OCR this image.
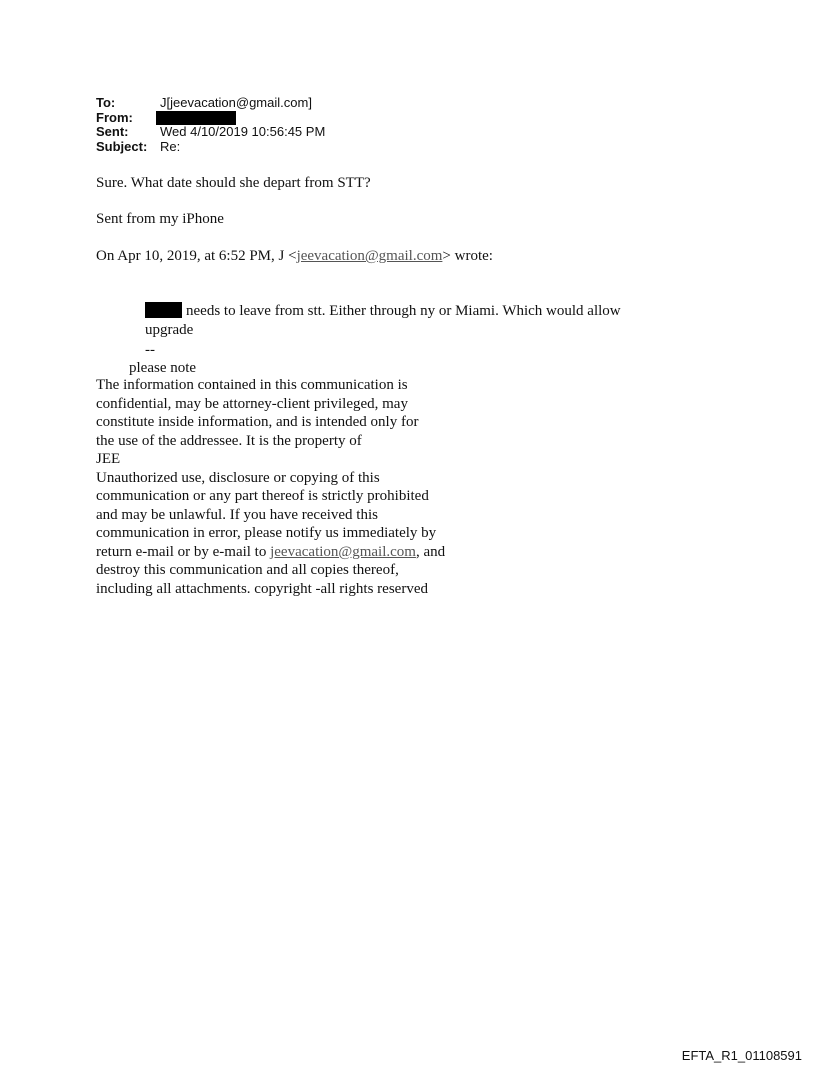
To:	J[jeevacation@gmail.com]
From:
Sent:	Wed 4/10/2019 10:56:45 PM
Subject: Re:
Sure. What date should she depart from STT?
Sent from my iPhone
On Apr 10, 2019, at 6:52 PM, J <jeevacation@gmail.com> wrote:
needs to leave from stt. Either through ny or Miami. Which would allow
upgrade
--
please note
The information contained in this communication is
confidential, may be attorney-client privileged, may
constitute inside information, and is intended only for
the use of the addressee. It is the property of
JEE
Unauthorized use, disclosure or copying of this
communication or any part thereof is strictly prohibited
and may be unlawful. If you have received this
communication in error, please notify us immediately by
return e-mail or by e-mail to jeevacation@gmail.com, and
destroy this communication and all copies thereof,
including all attachments. copyright -all rights reserved
EFTA_R1_01108591
